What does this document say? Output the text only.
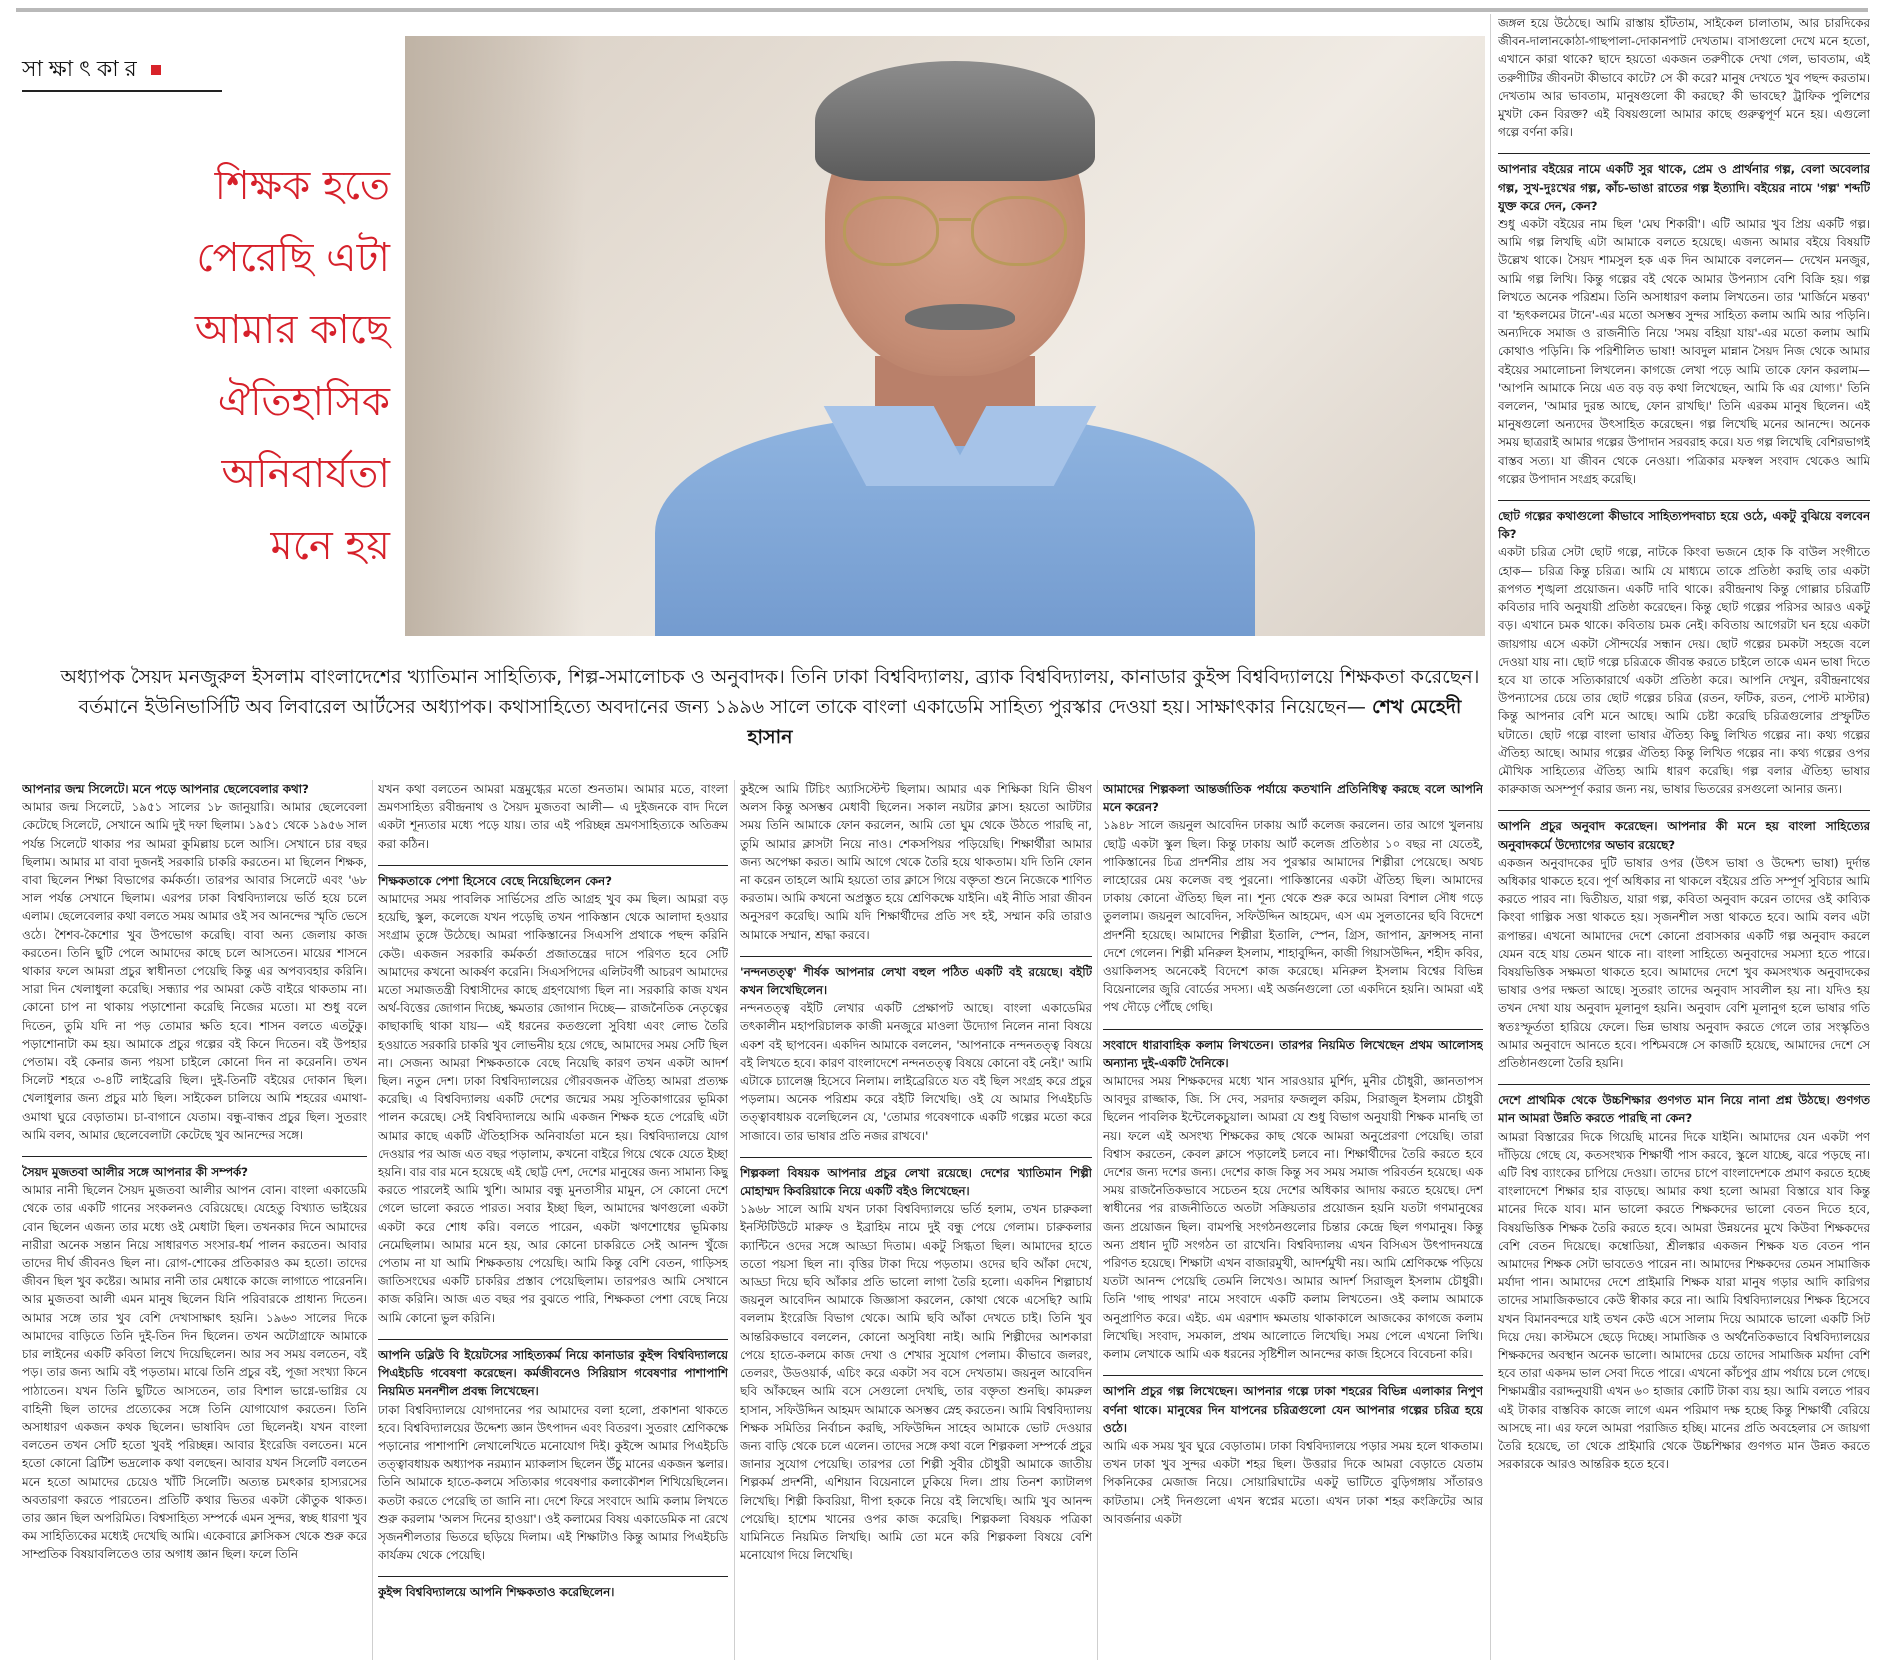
সাক্ষাৎকার
শিক্ষক হতে
পেরেছি এটা
আমার কাছে
ঐতিহাসিক
অনিবার্যতা
মনে হয়
অধ্যাপক সৈয়দ মনজুরুল ইসলাম বাংলাদেশের খ্যাতিমান সাহিত্যিক, শিল্প-সমালোচক ও অনুবাদক। তিনি ঢাকা বিশ্ববিদ্যালয়, ব্র্যাক বিশ্ববিদ্যালয়, কানাডার কুইন্স বিশ্ববিদ্যালয়ে শিক্ষকতা করেছেন। বর্তমানে ইউনিভার্সিটি অব লিবারেল আর্টসের অধ্যাপক। কথাসাহিত্যে অবদানের জন্য ১৯৯৬ সালে তাকে বাংলা একাডেমি সাহিত্য পুরস্কার দেওয়া হয়। সাক্ষাৎকার নিয়েছেন— শেখ মেহেদী হাসান
আপনার জন্ম সিলেটে। মনে পড়ে আপনার ছেলেবেলার কথা?

আমার জন্ম সিলেটে, ১৯৫১ সালের ১৮ জানুয়ারি। আমার ছেলেবেলা কেটেছে সিলেটে, সেখানে আমি দুই দফা ছিলাম। ১৯৫১ থেকে ১৯৫৬ সাল পর্যন্ত সিলেটে থাকার পর আমরা কুমিল্লায় চলে আসি। সেখানে চার বছর ছিলাম। আমার মা বাবা দুজনই সরকারি চাকরি করতেন। মা ছিলেন শিক্ষক, বাবা ছিলেন শিক্ষা বিভাগের কর্মকর্তা। তারপর আবার সিলেটে এবং '৬৮ সাল পর্যন্ত সেখানে ছিলাম। এরপর ঢাকা বিশ্ববিদ্যালয়ে ভর্তি হয়ে চলে এলাম। ছেলেবেলার কথা বলতে সময় আমার ওই সব আনন্দের স্মৃতি ভেসে ওঠে। শৈশব-কৈশোর খুব উপভোগ করেছি। বাবা অন্য জেলায় কাজ করতেন। তিনি ছুটি পেলে আমাদের কাছে চলে আসতেন। মায়ের শাসনে থাকার ফলে আমরা প্রচুর স্বাধীনতা পেয়েছি কিন্তু এর অপব্যবহার করিনি। সারা দিন খেলাধুলা করেছি। সন্ধ্যার পর আমরা কেউ বাইরে থাকতাম না। কোনো চাপ না থাকায় পড়াশোনা করেছি নিজের মতো। মা শুধু বলে দিতেন, তুমি যদি না পড় তোমার ক্ষতি হবে। শাসন বলতে এতটুকু। পড়াশোনাটা কম হয়। আমাকে প্রচুর গল্পের বই কিনে দিতেন। বই উপহার পেতাম। বই কেনার জন্য পয়সা চাইলে কোনো দিন না করেননি। তখন সিলেট শহরে ৩-৪টি লাইব্রেরি ছিল। দুই-তিনটি বইয়ের দোকান ছিল। খেলাধুলার জন্য প্রচুর মাঠ ছিল। সাইকেল চালিয়ে আমি শহরের এমাথা-ওমাথা ঘুরে বেড়াতাম। চা-বাগানে যেতাম। বন্ধু-বান্ধব প্রচুর ছিল। সুতরাং আমি বলব, আমার ছেলেবেলাটা কেটেছে খুব আনন্দের সঙ্গে।

সৈয়দ মুজতবা আলীর সঙ্গে আপনার কী সম্পর্ক?

আমার নানী ছিলেন সৈয়দ মুজতবা আলীর আপন বোন। বাংলা একাডেমি থেকে তার একটি গানের সংকলনও বেরিয়েছে। যেহেতু বিখ্যাত ভাইয়ের বোন ছিলেন এজন্য তার মধ্যে ওই মেধাটা ছিল। তখনকার দিনে আমাদের নারীরা অনেক সন্তান নিয়ে সাধারণত সংসার-ধর্ম পালন করতেন। আবার তাদের দীর্ঘ জীবনও ছিল না। রোগ-শোকের প্রতিকারও কম হতো। তাদের জীবন ছিল খুব কষ্টের। আমার নানী তার মেধাকে কাজে লাগাতে পারেননি। আর মুজতবা আলী এমন মানুষ ছিলেন যিনি পরিবারকে প্রাধান্য দিতেন। আমার সঙ্গে তার খুব বেশি দেখাসাক্ষাৎ হয়নি। ১৯৬৩ সালের দিকে আমাদের বাড়িতে তিনি দুই-তিন দিন ছিলেন। তখন অটোগ্রাফে আমাকে চার লাইনের একটি কবিতা লিখে দিয়েছিলেন। আর সব সময় বলতেন, বই পড়। তার জন্য আমি বই পড়তাম। মাঝে তিনি প্রচুর বই, পূজা সংখ্যা কিনে পাঠাতেন। যখন তিনি ছুটিতে আসতেন, তার বিশাল ভাগ্নে-ভাগ্নির যে বাহিনী ছিল তাদের প্রত্যেকের সঙ্গে তিনি যোগাযোগ করতেন। তিনি অসাধারণ একজন কথক ছিলেন। ভাষাবিদ তো ছিলেনই। যখন বাংলা বলতেন তখন সেটি হতো খুবই পরিচ্ছন্ন। আবার ইংরেজি বলতেন। মনে হতো কোনো ব্রিটিশ ভদ্রলোক কথা বলছেন। আবার যখন সিলেটি বলতেন মনে হতো আমাদের চেয়েও খাঁটি সিলেটি। অত্যন্ত চমৎকার হাস্যরসের অবতারণা করতে পারতেন। প্রতিটি কথার ভিতর একটা কৌতুক থাকত। তার জ্ঞান ছিল অপরিমিত। বিশ্বসাহিত্য সম্পর্কে এমন সুন্দর, স্বচ্ছ ধারণা খুব কম সাহিত্যিকের মধ্যেই দেখেছি আমি। একেবারে ক্লাসিকস থেকে শুরু করে সাম্প্রতিক বিষয়াবলিতেও তার অগাধ জ্ঞান ছিল। ফলে তিনি

যখন কথা বলতেন আমরা মন্ত্রমুগ্ধের মতো শুনতাম। আমার মতে, বাংলা ভ্রমণসাহিত্য রবীন্দ্রনাথ ও সৈয়দ মুজতবা আলী— এ দুইজনকে বাদ দিলে একটা শূন্যতার মধ্যে পড়ে যায়। তার এই পরিচ্ছন্ন ভ্রমণসাহিত্যকে অতিক্রম করা কঠিন।

শিক্ষকতাকে পেশা হিসেবে বেছে নিয়েছিলেন কেন?

আমাদের সময় পাবলিক সার্ভিসের প্রতি আগ্রহ খুব কম ছিল। আমরা বড় হয়েছি, স্কুল, কলেজে যখন পড়েছি তখন পাকিস্তান থেকে আলাদা হওয়ার সংগ্রাম তুঙ্গে উঠেছে। আমরা পাকিস্তানের সিএসপি প্রথাকে পছন্দ করিনি কেউ। একজন সরকারি কর্মকর্তা প্রজাতন্ত্রের দাসে পরিণত হবে সেটি আমাদের কখনো আকর্ষণ করেনি। সিএসপিদের এলিটবর্গী আচরণ আমাদের মতো সমাজতন্ত্রী বিশ্বাসীদের কাছে গ্রহণযোগ্য ছিল না। সরকারি কাজ যখন অর্থ-বিত্তের জোগান দিচ্ছে, ক্ষমতার জোগান দিচ্ছে— রাজনৈতিক নেতৃত্বের কাছাকাছি থাকা যায়— এই ধরনের কতগুলো সুবিধা এবং লোভ তৈরি হওয়াতে সরকারি চাকরি খুব লোভনীয় হয়ে গেছে, আমাদের সময় সেটি ছিল না। সেজন্য আমরা শিক্ষকতাকে বেছে নিয়েছি কারণ তখন একটা আদর্শ ছিল। নতুন দেশ। ঢাকা বিশ্ববিদ্যালয়ের গৌরবজনক ঐতিহ্য আমরা প্রত্যক্ষ করেছি। এ বিশ্ববিদ্যালয় একটি দেশের জন্মের সময় সূতিকাগারের ভূমিকা পালন করেছে। সেই বিশ্ববিদ্যালয়ে আমি একজন শিক্ষক হতে পেরেছি এটা আমার কাছে একটি ঐতিহাসিক অনিবার্যতা মনে হয়। বিশ্ববিদ্যালয়ে যোগ দেওয়ার পর আজ এত বছর পড়ালাম, কখনো বাইরে গিয়ে থেকে যেতে ইচ্ছা হয়নি। বার বার মনে হয়েছে এই ছোট্ট দেশ, দেশের মানুষের জন্য সামান্য কিছু করতে পারলেই আমি খুশি। আমার বন্ধু মুনতাসীর মামুন, সে কোনো দেশে গেলে ভালো করতে পারত। সবার ইচ্ছা ছিল, আমাদের ঋণগুলো একটা একটা করে শোধ করি। বলতে পারেন, একটা ঋণশোধের ভূমিকায় নেমেছিলাম। আমার মনে হয়, আর কোনো চাকরিতে সেই আনন্দ খুঁজে পেতাম না যা আমি শিক্ষকতায় পেয়েছি। আমি কিন্তু বেশি বেতন, গাড়িসহ জাতিসংঘের একটি চাকরির প্রস্তাব পেয়েছিলাম। তারপরও আমি সেখানে কাজ করিনি। আজ এত বছর পর বুঝতে পারি, শিক্ষকতা পেশা বেছে নিয়ে আমি কোনো ভুল করিনি।

আপনি ডব্লিউ বি ইয়েটসের সাহিত্যকর্ম নিয়ে কানাডার কুইন্স বিশ্ববিদ্যালয়ে পিএইচডি গবেষণা করেছেন। কর্মজীবনেও সিরিয়াস গবেষণার পাশাপাশি নিয়মিত মননশীল প্রবন্ধ লিখেছেন।

ঢাকা বিশ্ববিদ্যালয়ে যোগদানের পর আমাদের বলা হলো, প্রকাশনা থাকতে হবে। বিশ্ববিদ্যালয়ের উদ্দেশ্য জ্ঞান উৎপাদন এবং বিতরণ। সুতরাং শ্রেণিকক্ষে পড়ানোর পাশাপাশি লেখালেখিতে মনোযোগ দিই। কুইন্সে আমার পিএইচডি তত্ত্বাবধায়ক অধ্যাপক নরম্যান ম্যাকলাস ছিলেন উঁচু মানের একজন স্কলার। তিনি আমাকে হাতে-কলমে সত্যিকার গবেষণার কলাকৌশল শিখিয়েছিলেন। কতটা করতে পেরেছি তা জানি না। দেশে ফিরে সংবাদে আমি কলাম লিখতে শুরু করলাম 'অলস দিনের হাওয়া'। ওই কলামের বিষয় একাডেমিক না রেখে সৃজনশীলতার ভিতরে ছড়িয়ে দিলাম। এই শিক্ষাটাও কিন্তু আমার পিএইচডি কার্যক্রম থেকে পেয়েছি।

কুইন্স বিশ্ববিদ্যালয়ে আপনি শিক্ষকতাও করেছিলেন।

কুইন্সে আমি টিচিং অ্যাসিস্টেন্ট ছিলাম। আমার এক শিক্ষিকা যিনি ভীষণ অলস কিন্তু অসম্ভব মেধাবী ছিলেন। সকাল নয়টার ক্লাস। হয়তো আটটার সময় তিনি আমাকে ফোন করলেন, আমি তো ঘুম থেকে উঠতে পারছি না, তুমি আমার ক্লাসটা নিয়ে নাও। শেকসপিয়র পড়িয়েছি। শিক্ষার্থীরা আমার জন্য অপেক্ষা করত। আমি আগে থেকে তৈরি হয়ে থাকতাম। যদি তিনি ফোন না করেন তাহলে আমি হয়তো তার ক্লাসে গিয়ে বক্তৃতা শুনে নিজেকে শাণিত করতাম। আমি কখনো অপ্রস্তুত হয়ে শ্রেণিকক্ষে যাইনি। এই নীতি সারা জীবন অনুসরণ করেছি। আমি যদি শিক্ষার্থীদের প্রতি সৎ হই, সম্মান করি তারাও আমাকে সম্মান, শ্রদ্ধা করবে।

'নন্দনতত্ত্ব' শীর্ষক আপনার লেখা বহুল পঠিত একটি বই রয়েছে। বইটি কখন লিখেছিলেন।

নন্দনতত্ত্ব বইটি লেখার একটি প্রেক্ষাপট আছে। বাংলা একাডেমির তৎকালীন মহাপরিচালক কাজী মনজুরে মাওলা উদ্যোগ নিলেন নানা বিষয়ে একশ বই ছাপবেন। একদিন আমাকে বললেন, 'আপনাকে নন্দনতত্ত্ব বিষয়ে বই লিখতে হবে। কারণ বাংলাদেশে নন্দনতত্ত্ব বিষয়ে কোনো বই নেই।' আমি এটাকে চ্যালেঞ্জ হিসেবে নিলাম। লাইব্রেরিতে যত বই ছিল সংগ্রহ করে প্রচুর পড়লাম। অনেক পরিশ্রম করে বইটি লিখেছি। ওই যে আমার পিএইচডি তত্ত্বাবধায়ক বলেছিলেন যে, 'তোমার গবেষণাকে একটি গল্পের মতো করে সাজাবে। তার ভাষার প্রতি নজর রাখবে।'

শিল্পকলা বিষয়ক আপনার প্রচুর লেখা রয়েছে। দেশের খ্যাতিমান শিল্পী মোহাম্মদ কিবরিয়াকে নিয়ে একটি বইও লিখেছেন।

১৯৬৮ সালে আমি যখন ঢাকা বিশ্ববিদ্যালয়ে ভর্তি হলাম, তখন চারুকলা ইনস্টিটিউটে মারুফ ও ইব্রাহিম নামে দুই বন্ধু পেয়ে গেলাম। চারুকলার ক্যান্টিনে ওদের সঙ্গে আড্ডা দিতাম। একটু সিগ্ধতা ছিল। আমাদের হাতে ততো পয়সা ছিল না। বৃত্তির টাকা দিয়ে পড়তাম। ওদের ছবি আঁকা দেখে, আড্ডা দিয়ে ছবি আঁকার প্রতি ভালো লাগা তৈরি হলো। একদিন শিল্পাচার্য জয়নুল আবেদিন আমাকে জিজ্ঞাসা করলেন, কোথা থেকে এসেছি? আমি বললাম ইংরেজি বিভাগ থেকে। আমি ছবি আঁকা দেখতে চাই। তিনি খুব আন্তরিকভাবে বললেন, কোনো অসুবিধা নাই। আমি শিল্পীদের আশকারা পেয়ে হাতে-কলমে কাজ দেখা ও শেখার সুযোগ পেলাম। কীভাবে জলরং, তেলরং, উডওয়ার্ক, এচিং করে একটা সব বসে দেখতাম। জয়নুল আবেদিন ছবি আঁকছেন আমি বসে সেগুলো দেখছি, তার বক্তৃতা শুনছি। কামরুল হাসান, সফিউদ্দিন আহমদ আমাকে অসম্ভব স্নেহ করতেন। আমি বিশ্ববিদ্যালয় শিক্ষক সমিতির নির্বাচন করছি, সফিউদ্দিন সাহেব আমাকে ভোট দেওয়ার জন্য বাড়ি থেকে চলে এলেন। তাদের সঙ্গে কথা বলে শিল্পকলা সম্পর্কে প্রচুর জানার সুযোগ পেয়েছি। তারপর তো শিল্পী সুবীর চৌধুরী আমাকে জাতীয় শিল্পকর্ম প্রদর্শনী, এশিয়ান বিয়েনালে ঢুকিয়ে দিল। প্রায় তিনশ ক্যাটালগ লিখেছি। শিল্পী কিবরিয়া, দীপা হককে নিয়ে বই লিখেছি। আমি খুব আনন্দ পেয়েছি। হাশেম খানের ওপর কাজ করেছি। শিল্পকলা বিষয়ক পত্রিকা যামিনিতে নিয়মিত লিখছি। আমি তো মনে করি শিল্পকলা বিষয়ে বেশি মনোযোগ দিয়ে লিখেছি।

আমাদের শিল্পকলা আন্তর্জাতিক পর্যায়ে কতখানি প্রতিনিধিত্ব করছে বলে আপনি মনে করেন?

১৯৪৮ সালে জয়নুল আবেদিন ঢাকায় আর্ট কলেজ করলেন। তার আগে খুলনায় ছোট্ট একটা স্কুল ছিল। কিন্তু ঢাকায় আর্ট কলেজ প্রতিষ্ঠার ১০ বছর না যেতেই, পাকিস্তানের চিত্র প্রদর্শনীর প্রায় সব পুরস্কার আমাদের শিল্পীরা পেয়েছে। অথচ লাহোরের মেয় কলেজ বহু পুরনো। পাকিস্তানের একটা ঐতিহ্য ছিল। আমাদের ঢাকায় কোনো ঐতিহ্য ছিল না। শূন্য থেকে শুরু করে আমরা বিশাল সৌধ গড়ে তুললাম। জয়নুল আবেদিন, সফিউদ্দিন আহমেদ, এস এম সুলতানের ছবি বিদেশে প্রদর্শনী হয়েছে। আমাদের শিল্পীরা ইতালি, স্পেন, গ্রিস, জাপান, ফ্রান্সসহ নানা দেশে গেলেন। শিল্পী মনিরুল ইসলাম, শাহাবুদ্দিন, কাজী গিয়াসউদ্দিন, শহীদ কবির, ওয়াকিলসহ অনেকেই বিদেশে কাজ করেছে। মনিরুল ইসলাম বিশ্বের বিভিন্ন বিয়েনালের জুরি বোর্ডের সদস্য। এই অর্জনগুলো তো একদিনে হয়নি। আমরা এই পথ দৌড়ে পৌঁছে গেছি।

সংবাদে ধারাবাহিক কলাম লিখতেন। তারপর নিয়মিত লিখেছেন প্রথম আলোসহ অন্যান্য দুই-একটি দৈনিকে।

আমাদের সময় শিক্ষকদের মধ্যে খান সারওয়ার মুর্শিদ, মুনীর চৌধুরী, জ্ঞানতাপস আবদুর রাজ্জাক, জি. সি দেব, সরদার ফজলুল করিম, সিরাজুল ইসলাম চৌধুরী ছিলেন পাবলিক ইন্টেলেকচুয়াল। আমরা যে শুধু বিভাগ অনুযায়ী শিক্ষক মানছি তা নয়। ফলে এই অসংখ্য শিক্ষকের কাছ থেকে আমরা অনুপ্রেরণা পেয়েছি। তারা বিশ্বাস করতেন, কেবল ক্লাসে পড়ালেই চলবে না। শিক্ষার্থীদের তৈরি করতে হবে দেশের জন্য দশের জন্য। দেশের কাজ কিন্তু সব সময় সমাজ পরিবর্তন হয়েছে। এক সময় রাজনৈতিকভাবে সচেতন হয়ে দেশের অধিকার আদায় করতে হয়েছে। দেশ স্বাধীনের পর রাজনীতিতে অতটা সক্রিয়তার প্রয়োজন হয়নি যতটা গণমানুষের জন্য প্রয়োজন ছিল। বামপন্থি সংগঠনগুলোর চিন্তার কেন্দ্রে ছিল গণমানুষ। কিন্তু অন্য প্রধান দুটি সংগঠন তা রাখেনি। বিশ্ববিদ্যালয় এখন বিসিএস উৎপাদনযন্ত্রে পরিণত হয়েছে। শিক্ষাটা এখন বাজারমুখী, আদর্শমুখী নয়। আমি শ্রেণিকক্ষে পড়িয়ে যতটা আনন্দ পেয়েছি তেমনি লিখেও। আমার আদর্শ সিরাজুল ইসলাম চৌধুরী। তিনি 'গাছ পাথর' নামে সংবাদে একটি কলাম লিখতেন। ওই কলাম আমাকে অনুপ্রাণিত করে। এইচ. এম এরশাদ ক্ষমতায় থাকাকালে আজকের কাগজে কলাম লিখেছি। সংবাদ, সমকাল, প্রথম আলোতে লিখেছি। সময় পেলে এখনো লিখি। কলাম লেখাকে আমি এক ধরনের সৃষ্টিশীল আনন্দের কাজ হিসেবে বিবেচনা করি।

আপনি প্রচুর গল্প লিখেছেন। আপনার গল্পে ঢাকা শহরের বিভিন্ন এলাকার নিপুণ বর্ণনা থাকে। মানুষের দিন যাপনের চরিত্রগুলো যেন আপনার গল্পের চরিত্র হয়ে ওঠে।

আমি এক সময় খুব ঘুরে বেড়াতাম। ঢাকা বিশ্ববিদ্যালয়ে পড়ার সময় হলে থাকতাম। তখন ঢাকা খুব সুন্দর একটা শহর ছিল। উত্তরার দিকে আমরা বেড়াতে যেতাম পিকনিকের মেজাজ নিয়ে। সোয়ারিঘাটের একটু ভাটিতে বুড়িগঙ্গায় সাঁতারও কাটতাম। সেই দিনগুলো এখন স্বপ্নের মতো। এখন ঢাকা শহর কংক্রিটের আর আবর্জনার একটা

জঙ্গল হয়ে উঠেছে। আমি রাস্তায় হাঁটতাম, সাইকেল চালাতাম, আর চারদিকের জীবন-দালানকোঠা-গাছপালা-দোকানপাট দেখতাম। বাসাগুলো দেখে মনে হতো, এখানে কারা থাকে? ছাদে হয়তো একজন তরুণীকে দেখা গেল, ভাবতাম, এই তরুণীটির জীবনটা কীভাবে কাটে? সে কী করে? মানুষ দেখতে খুব পছন্দ করতাম। দেখতাম আর ভাবতাম, মানুষগুলো কী করছে? কী ভাবছে? ট্রাফিক পুলিশের মুখটা কেন বিরক্ত? এই বিষয়গুলো আমার কাছে গুরুত্বপূর্ণ মনে হয়। এগুলো গল্পে বর্ণনা করি।

আপনার বইয়ের নামে একটি সুর থাকে, প্রেম ও প্রার্থনার গল্প, বেলা অবেলার গল্প, সুখ-দুঃখের গল্প, কাঁচ-ভাঙা রাতের গল্প ইত্যাদি। বইয়ের নামে 'গল্প' শব্দটি যুক্ত করে দেন, কেন?

শুধু একটা বইয়ের নাম ছিল 'মেঘ শিকারী'। এটি আমার খুব প্রিয় একটি গল্প। আমি গল্প লিখছি এটা আমাকে বলতে হয়েছে। এজন্য আমার বইয়ে বিষয়টি উল্লেখ থাকে। সৈয়দ শামসুল হক এক দিন আমাকে বললেন— দেখেন মনজুর, আমি গল্প লিখি। কিন্তু গল্পের বই থেকে আমার উপন্যাস বেশি বিক্রি হয়। গল্প লিখতে অনেক পরিশ্রম। তিনি অসাধারণ কলাম লিখতেন। তার 'মার্জিনে মন্তব্য' বা 'হৃৎকলমের টানে'-এর মতো অসম্ভব সুন্দর সাহিত্য কলাম আমি আর পড়িনি। অন্যদিকে সমাজ ও রাজনীতি নিয়ে 'সময় বহিয়া যায়'-এর মতো কলাম আমি কোথাও পড়িনি। কি পরিশীলিত ভাষা! আবদুল মান্নান সৈয়দ নিজ থেকে আমার বইয়ের সমালোচনা লিখলেন। কাগজে লেখা পড়ে আমি তাকে ফোন করলাম— 'আপনি আমাকে নিয়ে এত বড় বড় কথা লিখেছেন, আমি কি এর যোগ্য।' তিনি বললেন, 'আমার দুরন্ত আছে, ফোন রাখছি।' তিনি এরকম মানুষ ছিলেন। এই মানুষগুলো অন্যদের উৎসাহিত করেছেন। গল্প লিখেছি মনের আনন্দে। অনেক সময় ছাত্ররাই আমার গল্পের উপাদান সরবরাহ করে। যত গল্প লিখেছি বেশিরভাগই বাস্তব সত্য। যা জীবন থেকে নেওয়া। পত্রিকার মফস্বল সংবাদ থেকেও আমি গল্পের উপাদান সংগ্রহ করেছি।

ছোট গল্পের কথাগুলো কীভাবে সাহিত্যপদবাচ্য হয়ে ওঠে, একটু বুঝিয়ে বলবেন কি?

একটা চরিত্র সেটা ছোট গল্পে, নাটকে কিংবা ভজনে হোক কি বাউল সংগীতে হোক— চরিত্র কিন্তু চরিত্র। আমি যে মাধ্যমে তাকে প্রতিষ্ঠা করছি তার একটা রূপগত শৃঙ্খলা প্রয়োজন। একটি দাবি থাকে। রবীন্দ্রনাথ কিন্তু গোল্লার চরিত্রটি কবিতার দাবি অনুযায়ী প্রতিষ্ঠা করেছেন। কিন্তু ছোট গল্পের পরিসর আরও একটু বড়। এখানে চমক থাকে। কবিতায় চমক নেই। কবিতায় আগেরটা ঘন হয়ে একটা জায়গায় এসে একটা সৌন্দর্যের সন্ধান দেয়। ছোট গল্পের চমকটা সহজে বলে দেওয়া যায় না। ছোট গল্পে চরিত্রকে জীবন্ত করতে চাইলে তাকে এমন ভাষা দিতে হবে যা তাকে সত্যিকারার্থে একটা প্রতিষ্ঠা করে। আপনি দেখুন, রবীন্দ্রনাথের উপন্যাসের চেয়ে তার ছোট গল্পের চরিত্র (রতন, ফটিক, রতন, পোস্ট মাস্টার) কিন্তু আপনার বেশি মনে আছে। আমি চেষ্টা করেছি চরিত্রগুলোর প্রস্ফুটিত ঘটাতে। ছোট গল্পে বাংলা ভাষার ঐতিহ্য কিছু লিখিত গল্পের না। কথ্য গল্পের ঐতিহ্য আছে। আমার গল্পের ঐতিহ্য কিন্তু লিখিত গল্পের না। কথ্য গল্পের ওপর মৌখিক সাহিত্যের ঐতিহ্য আমি ধারণ করেছি। গল্প বলার ঐতিহ্য ভাষার কারুকাজ অসম্পূর্ণ করার জন্য নয়, ভাষার ভিতরের রসগুলো আনার জন্য।

আপনি প্রচুর অনুবাদ করেছেন। আপনার কী মনে হয় বাংলা সাহিত্যের অনুবাদকর্মে উদ্যোগের অভাব রয়েছে?

একজন অনুবাদকের দুটি ভাষার ওপর (উৎস ভাষা ও উদ্দেশ্য ভাষা) দুর্দান্ত অধিকার থাকতে হবে। পূর্ণ অধিকার না থাকলে বইয়ের প্রতি সম্পূর্ণ সুবিচার আমি করতে পারব না। দ্বিতীয়ত, যারা গল্প, কবিতা অনুবাদ করেন তাদের ওই কাব্যিক কিংবা গাল্পিক সত্তা থাকতে হয়। সৃজনশীল সত্তা থাকতে হবে। আমি বলব এটা রূপান্তর। এখনো আমাদের দেশে কোনো প্রবাসকার একটি গল্প অনুবাদ করলে যেমন বহে যায় তেমন থাকে না। বাংলা সাহিত্যে অনুবাদের সমস্যা হতে পারে। বিষয়ভিত্তিক সক্ষমতা থাকতে হবে। আমাদের দেশে খুব কমসংখ্যক অনুবাদকের ভাষার ওপর দক্ষতা আছে। সুতরাং তাদের অনুবাদ সাবলীল হয় না। যদিও হয় তখন দেখা যায় অনুবাদ মূলানুগ হয়নি। অনুবাদ বেশি মূলানুগ হলে ভাষার গতি স্বতঃস্ফূর্ততা হারিয়ে ফেলে। ভিন্ন ভাষায় অনুবাদ করতে গেলে তার সংস্কৃতিও আমার অনুবাদে আনতে হবে। পশ্চিমবঙ্গে সে কাজটি হয়েছে, আমাদের দেশে সে প্রতিষ্ঠানগুলো তৈরি হয়নি।

দেশে প্রাথমিক থেকে উচ্চশিক্ষার গুণগত মান নিয়ে নানা প্রশ্ন উঠছে। গুণগত মান আমরা উন্নতি করতে পারছি না কেন?

আমরা বিস্তারের দিকে গিয়েছি মানের দিকে যাইনি। আমাদের যেন একটা পণ দাঁড়িয়ে গেছে যে, কতসংখ্যক শিক্ষার্থী পাস করবে, স্কুলে যাচ্ছে, ঝরে পড়ছে না। এটি বিশ্ব ব্যাংকের চাপিয়ে দেওয়া। তাদের চাপে বাংলাদেশকে প্রমাণ করতে হচ্ছে বাংলাদেশে শিক্ষার হার বাড়ছে। আমার কথা হলো আমরা বিস্তারে যাব কিন্তু মানের দিকে যাব। মান ভালো করতে শিক্ষকদের ভালো বেতন দিতে হবে, বিষয়ভিত্তিক শিক্ষক তৈরি করতে হবে। আমরা উন্নয়নের মুখে কিউবা শিক্ষকদের বেশি বেতন দিয়েছে। কম্বোডিয়া, শ্রীলঙ্কার একজন শিক্ষক যত বেতন পান আমাদের শিক্ষক সেটা ভাবতেও পারেন না। আমাদের শিক্ষকদের তেমন সামাজিক মর্যাদা পান। আমাদের দেশে প্রাইমারি শিক্ষক যারা মানুষ গড়ার আদি কারিগর তাদের সামাজিকভাবে কেউ স্বীকার করে না। আমি বিশ্ববিদ্যালয়ের শিক্ষক হিসেবে যখন বিমানবন্দরে যাই তখন কেউ এসে সালাম দিয়ে আমাকে ভালো একটি সিট দিয়ে দেয়। কাস্টমসে ছেড়ে দিচ্ছে। সামাজিক ও অর্থনৈতিকভাবে বিশ্ববিদ্যালয়ের শিক্ষকদের অবস্থান অনেক ভালো। আমাদের চেয়ে তাদের সামাজিক মর্যাদা বেশি হবে তারা একদম ভাল সেবা দিতে পারে। এখনো কাঁচপুর গ্রাম পর্যায়ে চলে গেছে। শিক্ষামন্ত্রীর বরাদ্দনুযায়ী এখন ৬০ হাজার কোটি টাকা ব্যয় হয়। আমি বলতে পারব এই টাকার বাস্তবিক কাজে লাগে এমন পরিমাণ দক্ষ হচ্ছে কিন্তু শিক্ষার্থী বেরিয়ে আসছে না। এর ফলে আমরা পরাজিত হচ্ছি। মানের প্রতি অবহেলার সে জায়গা তৈরি হয়েছে, তা থেকে প্রাইমারি থেকে উচ্চশিক্ষার গুণগত মান উন্নত করতে সরকারকে আরও আন্তরিক হতে হবে।
